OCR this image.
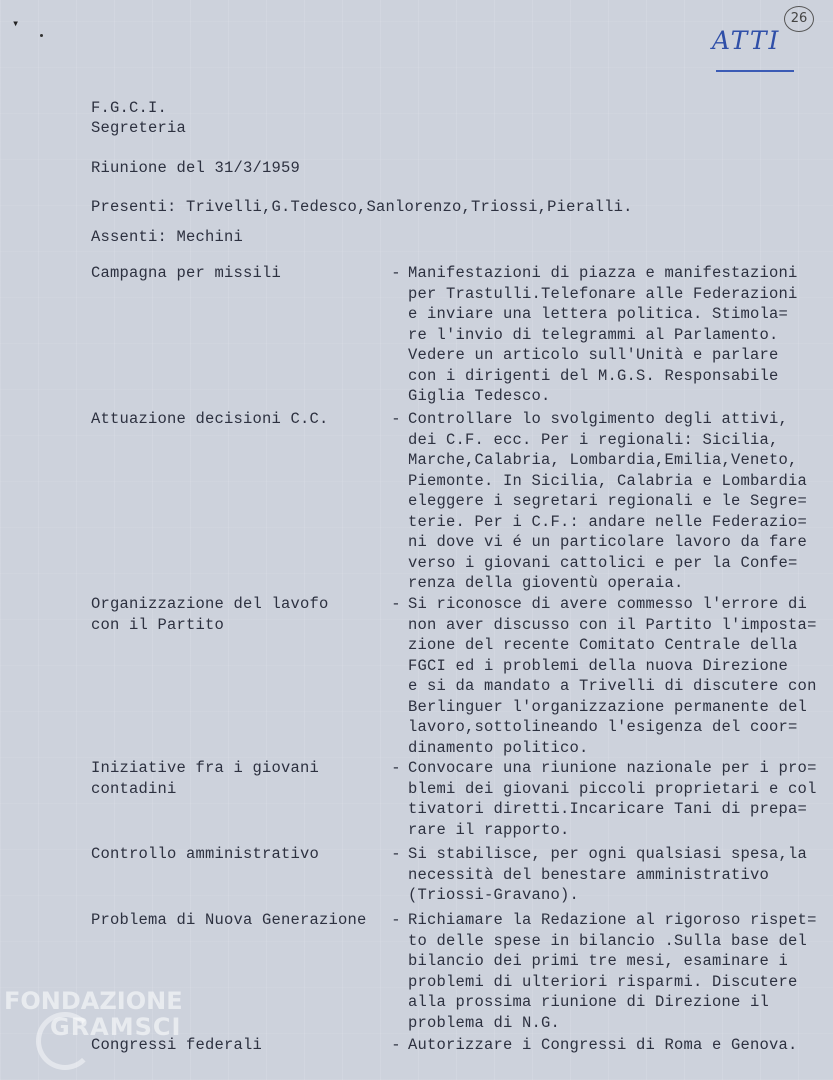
▾	26
ATTI
F.G.C.I.
Segreteria
Riunione del 31/3/1959
Presenti: Trivelli,G.Tedesco,Sanlorenzo,Triossi,Pieralli.
Assenti: Mechini
Campagna per missili	- Manifestazioni di piazza e manifestazioni
per Trastulli.Telefonare alle Federazioni
e inviare una lettera politica. Stimola=
re l'invio di telegrammi al Parlamento.
Vedere un articolo sull'Unità e parlare
con i dirigenti del M.G.S. Responsabile
Giglia Tedesco.
Attuazione decisioni C.C.	- Controllare lo svolgimento degli attivi,
dei C.F. ecc. Per i regionali: Sicilia,
Marche,Calabria, Lombardia,Emilia,Veneto,
Piemonte. In Sicilia, Calabria e Lombardia
eleggere i segretari regionali e le Segre=
terie. Per i C.F.: andare nelle Federazio=
ni dove vi é un particolare lavoro da fare
verso i giovani cattolici e per la Confe=
renza della gioventù operaia.
Organizzazione del lavofo
con il Partito
- Si riconosce di avere commesso l'errore di
non aver discusso con il Partito l'imposta=
zione del recente Comitato Centrale della
FGCI ed i problemi della nuova Direzione
e si da mandato a Trivelli di discutere con
Berlinguer l'organizzazione permanente del
lavoro,sottolineando l'esigenza del coor=
dinamento politico.
Iniziative fra i giovani
contadini
- Convocare una riunione nazionale per i pro=
blemi dei giovani piccoli proprietari e col
tivatori diretti.Incaricare Tani di prepa=
rare il rapporto.
Controllo amministrativo	- Si stabilisce, per ogni qualsiasi spesa,la
necessità del benestare amministrativo
(Triossi-Gravano).
Problema di Nuova Generazione	- Richiamare la Redazione al rigoroso rispet=
to delle spese in bilancio .Sulla base del
bilancio dei primi tre mesi, esaminare i
problemi di ulteriori risparmi. Discutere
alla prossima riunione di Direzione il
problema di N.G.
Congressi federali	- Autorizzare i Congressi di Roma e Genova.
FONDAZIONE
GRAMSCI
